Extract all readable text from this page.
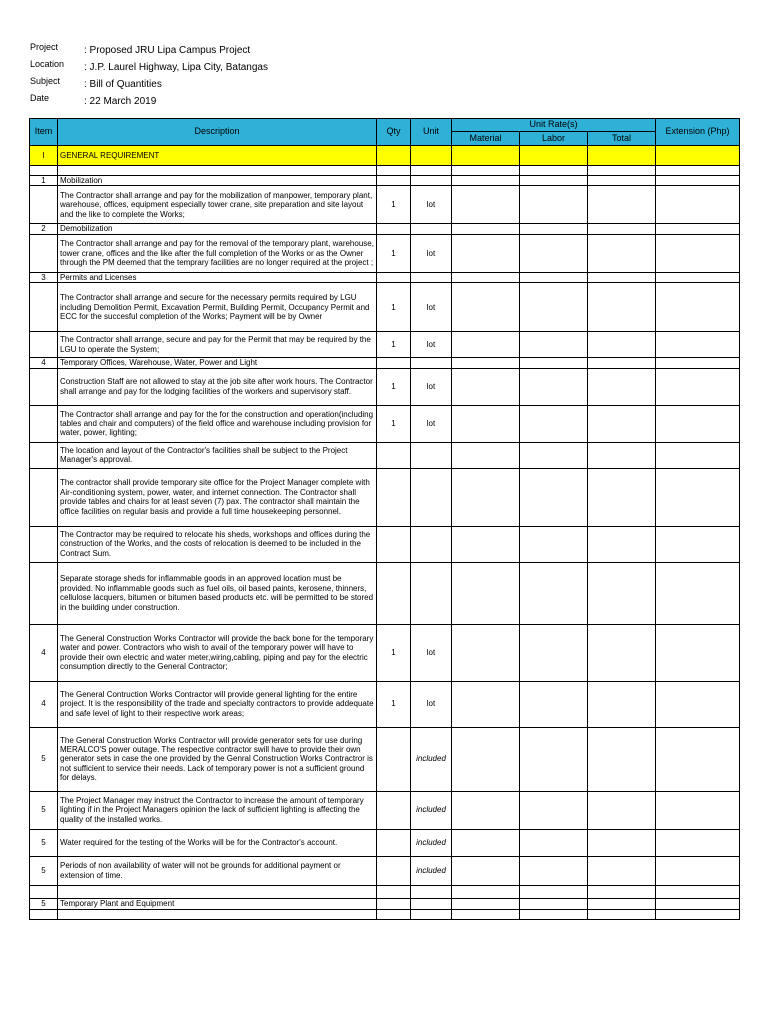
Project	: Proposed JRU Lipa Campus Project
Location : J.P. Laurel Highway, Lipa City, Batangas
Subject : Bill of Quantities
Date	: 22 March 2019
Item	Description	Qty	Unit	Unit Rate(s)			Extension (Php)
				Material	Labor	Total	
I	GENERAL REQUIREMENT						

1	Mobilization						
	The Contractor shall arrange and pay for the mobilization of manpower, temporary plant, warehouse, offices, equipment especially tower crane, site preparation and site layout and the like to complete the Works;	1	lot				
2	Demobilization						
	The Contractor shall arrange and pay for the removal of the temporary plant, warehouse, tower crane, offices and the like after the full completion of the Works or as the Owner through the PM deemed that the temprary facilities are no longer required at the project ;	1	lot				
3	Permits and Licenses						
	The Contractor shall arrange and secure for the necessary permits required by LGU including Demolition Permit, Excavation Permit, Building Permit, Occupancy Permit and ECC for the succesful completion of the Works; Payment will be by Owner	1	lot				
	The Contractor shall arrange, secure and pay for the Permit that may be required by the LGU to operate the System;	1	lot				
4	Temporary Offices, Warehouse, Water, Power and Light						
	Construction Staff are not allowed to stay at the job site after work hours. The Contractor shall arrange and pay for the lodging facilities of the workers and supervisory staff.	1	lot				
	The Contractor shall arrange and pay for the for the construction and operation(including tables and chair and computers) of the field office and warehouse including provision for water, power, lighting;	1	lot				
	The location and layout of the Contractor's facilities shall be subject to the Project Manager's approval.						
	The contractor shall provide temporary site office for the Project Manager complete with Air-conditioning system, power, water, and internet connection. The Contractor shall provide tables and chairs for at least seven (7) pax. The contractor shall maintain the office facilities on regular basis and provide a full time housekeeping personnel.						
	The Contractor may be required to relocate his sheds, workshops and offices during the construction of the Works, and the costs of relocation is deemed to be included in the Contract Sum.						
	Separate storage sheds for inflammable goods in an approved location must be provided. No inflammable goods such as fuel oils, oil based paints, kerosene, thinners, cellulose lacquers, bitumen or bitumen based products etc. will be permitted to be stored in the building under construction.						
4	The General Construction Works Contractor will provide the back bone for the temporary water and power. Contractors who wish to avail of the temporary power will have to provide their own electric and water meter,wiring,cabling, piping and pay for the electric consumption directly to the General Contractor;	1	lot				
4	The General Contruction Works Contractor will provide general lighting for the entire project. It is the responsibility of the trade and specialty contractors to provide addequate and safe level of light to their respective work areas;	1	lot				
5	The General Construction Works Contractor will provide generator sets for use during MERALCO'S power outage. The respective contractor swill have to provide their own generator sets in case the one provided by the Genral Construction Works Contractror is not sufficient to service their needs. Lack of temporary power is not a sufficient ground for delays.		included				
5	The Project Manager may instruct the Contractor to increase the amount of temporary lighting if in the Project Managers opinion the lack of sufficient lighting is affecting the quality of the installed works.		included				
5	Water required for the testing of the Works will be for the Contractor's account.		included				
5	Periods of non availability of water will not be grounds for additional payment or extension of time.		included				

5	Temporary Plant and Equipment						
